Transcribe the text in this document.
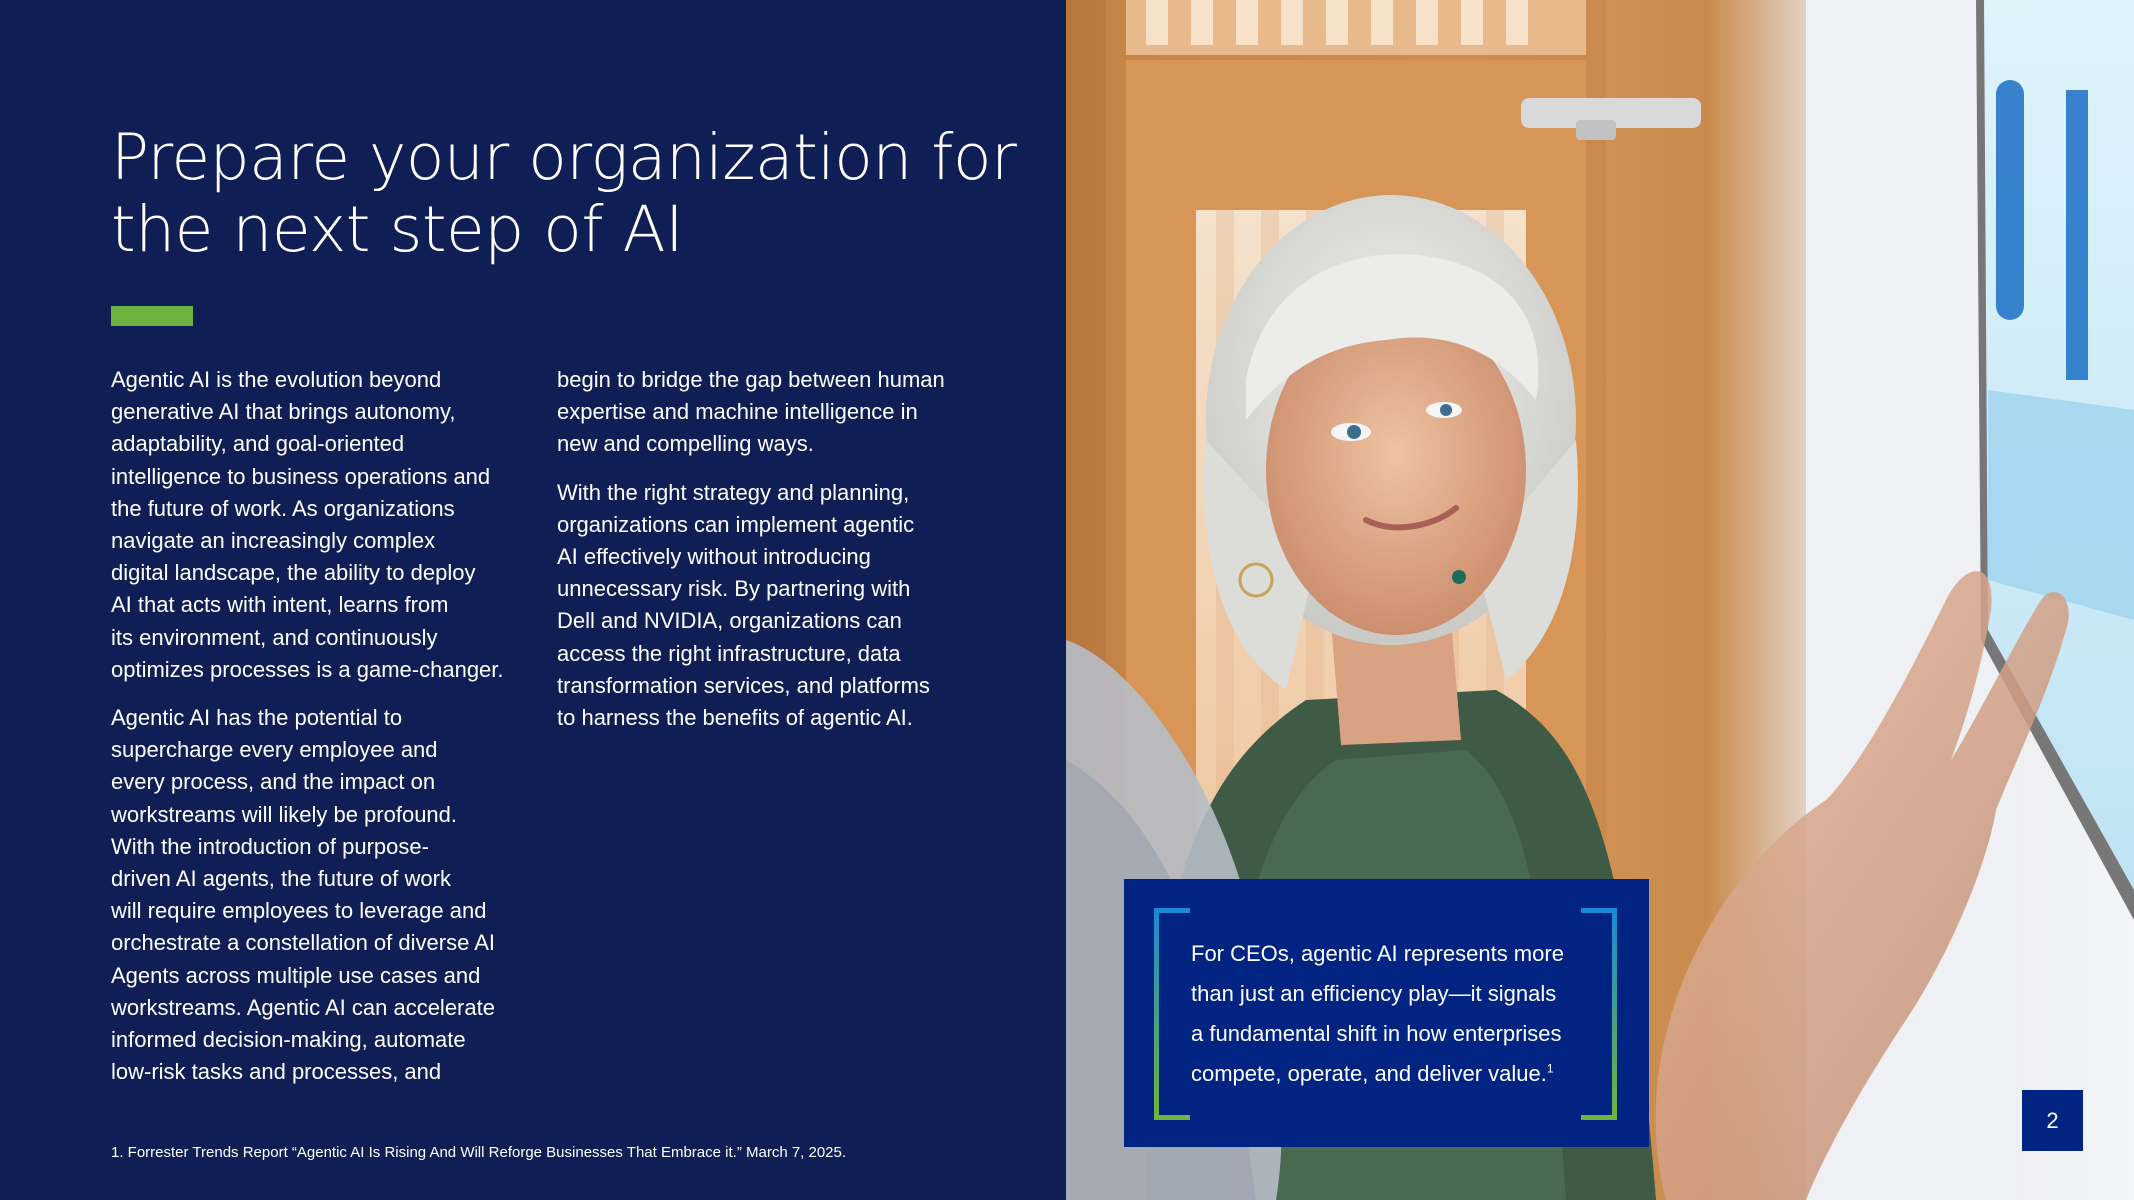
Prepare your organization for
the next step of AI

Agentic AI is the evolution beyond
generative AI that brings autonomy,
adaptability, and goal-oriented
intelligence to business operations and
the future of work. As organizations
navigate an increasingly complex
digital landscape, the ability to deploy
AI that acts with intent, learns from
its environment, and continuously
optimizes processes is a game-changer.

Agentic AI has the potential to
supercharge every employee and
every process, and the impact on
workstreams will likely be profound.
With the introduction of purpose-
driven AI agents, the future of work
will require employees to leverage and
orchestrate a constellation of diverse AI
Agents across multiple use cases and
workstreams. Agentic AI can accelerate
informed decision-making, automate
low-risk tasks and processes, and

begin to bridge the gap between human
expertise and machine intelligence in
new and compelling ways.

With the right strategy and planning,
organizations can implement agentic
AI effectively without introducing
unnecessary risk. By partnering with
Dell and NVIDIA, organizations can
access the right infrastructure, data
transformation services, and platforms
to harness the benefits of agentic AI.

1. Forrester Trends Report “Agentic AI Is Rising And Will Reforge Businesses That Embrace it.” March 7, 2025.
For CEOs, agentic AI represents more
than just an efficiency play—it signals
a fundamental shift in how enterprises
compete, operate, and deliver value.$^1$
2
